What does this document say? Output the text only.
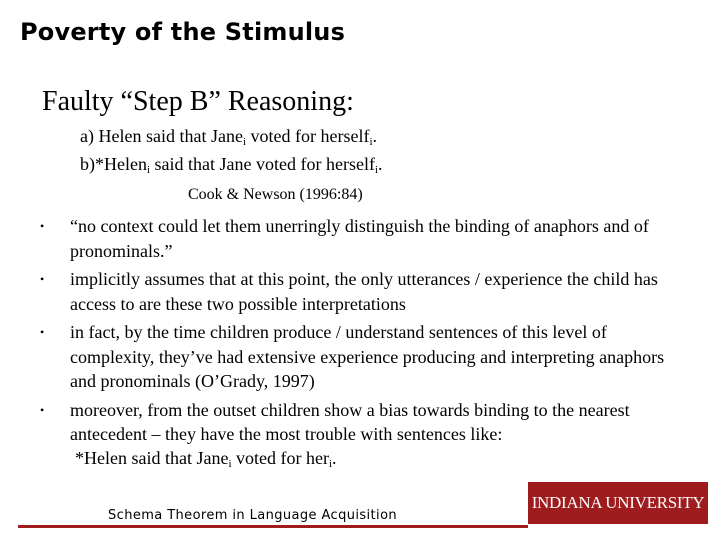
Poverty of the Stimulus
Faulty “Step B” Reasoning:
a) Helen said that Jane$_i$ voted for herself$_i$.
b)*Helen$_i$ said that Jane voted for herself$_i$.
Cook & Newson (1996:84)
• “no context could let them unerringly distinguish the binding of anaphors and of pronominals.”
• implicitly assumes that at this point, the only utterances / experience the child has access to are these two possible interpretations
• in fact, by the time children produce / understand sentences of this level of complexity, they’ve had extensive experience producing and interpreting anaphors and pronominals (O’Grady, 1997)
• moreover, from the outset children show a bias towards binding to the nearest antecedent – they have the most trouble with sentences like:
*Helen said that Jane$_i$ voted for her$_i$.
Schema Theorem in Language Acquisition
INDIANA UNIVERSITY
